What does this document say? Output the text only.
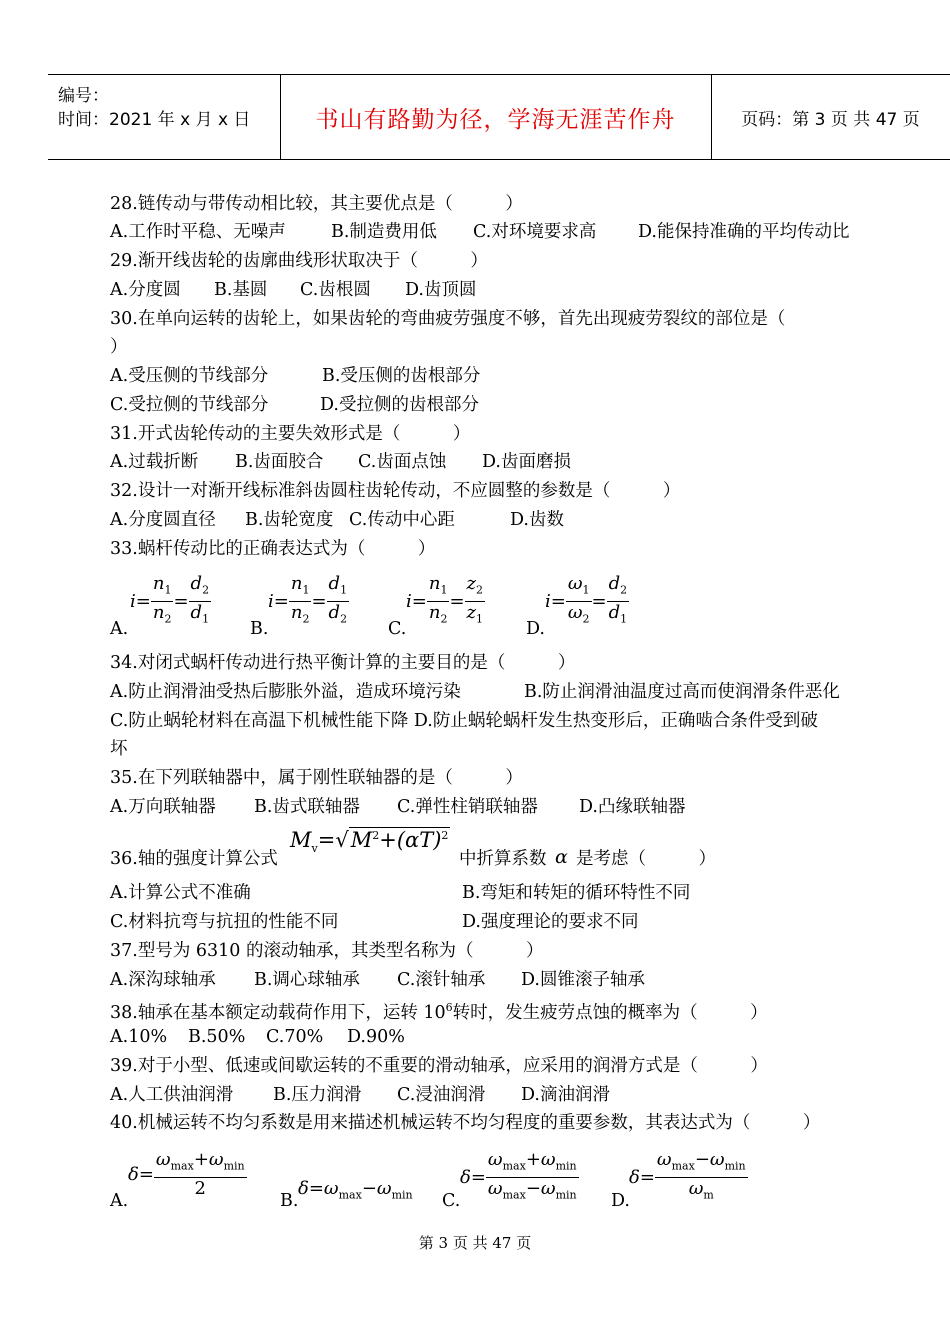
编号：
时间：2021 年 x 月 x 日	书山有路勤为径，学海无涯苦作舟	页码：第 3 页 共 47 页
28.链传动与带传动相比较，其主要优点是（　　　）
A.工作时平稳、无噪声	B.制造费用低 C.对环境要求高 D.能保持准确的平均传动比
29.渐开线齿轮的齿廓曲线形状取决于（　　　）
A.分度圆 B.基圆 C.齿根圆 D.齿顶圆
30.在单向运转的齿轮上，如果齿轮的弯曲疲劳强度不够，首先出现疲劳裂纹的部位是（
）
A.受压侧的节线部分	B.受压侧的齿根部分
C.受拉侧的节线部分	D.受拉侧的齿根部分
31.开式齿轮传动的主要失效形式是（　　　）
A.过载折断 B.齿面胶合 C.齿面点蚀 D.齿面磨损
32.设计一对渐开线标准斜齿圆柱齿轮传动，不应圆整的参数是（　　　）
A.分度圆直径 B.齿轮宽度 C.传动中心距	D.齿数
33.蜗杆传动比的正确表达式为（　　　）
A.
$i= \frac{n_1}{n_2} = \frac{d_2}{d_1} B$.
$i= \frac{n_1}{n_2} = \frac{d_1}{d_2} C$.
$i= \frac{n_1}{n_2} = \frac{z_2}{z_1} D$.
$i= \frac{\omega_1}{\omega_2} = \frac{d_2}{d_1}$
34.对闭式蜗杆传动进行热平衡计算的主要目的是（　　　）
A.防止润滑油受热后膨胀外溢，造成环境污染	B.防止润滑油温度过高而使润滑条件恶化
C.防止蜗轮材料在高温下机械性能下降 D.防止蜗轮蜗杆发生热变形后，正确啮合条件受到破
坏
35.在下列联轴器中，属于刚性联轴器的是（　　　）
A.万向联轴器 B.齿式联轴器 C.弹性柱销联轴器 D.凸缘联轴器
36.轴的强度计算公式
$M_v=√M^2+(\alpha T)^2$
中折算系数 α 是考虑（　　　）
A.计算公式不准确	B.弯矩和转矩的循环特性不同
C.材料抗弯与抗扭的性能不同	D.强度理论的要求不同
37.型号为 6310 的滚动轴承，其类型名称为（　　　）
A.深沟球轴承 B.调心球轴承 C.滚针轴承 D.圆锥滚子轴承
38.轴承在基本额定动载荷作用下，运转 $10^6$转时，发生疲劳点蚀的概率为（　　　）
A.10% B.50% C.70% D.90%
39.对于小型、低速或间歇运转的不重要的滑动轴承，应采用的润滑方式是（　　　）
A.人工供油润滑 B.压力润滑 C.浸油润滑 D.滴油润滑
40.机械运转不均匀系数是用来描述机械运转不均匀程度的重要参数，其表达式为（　　　）
A.
$\delta= \frac{\omega_{max}+\omega_{min}}{2}$
B.
$\delta=\omega_{max}-\omega_{min}$ C.
$\delta= \frac{\omega_{max}+\omega_{min}}{\omega_{max}-\omega_{min}} D$.
$\delta= \frac{\omega_{max}-\omega_{min}}{\omega_m}$
第 3 页 共 47 页
